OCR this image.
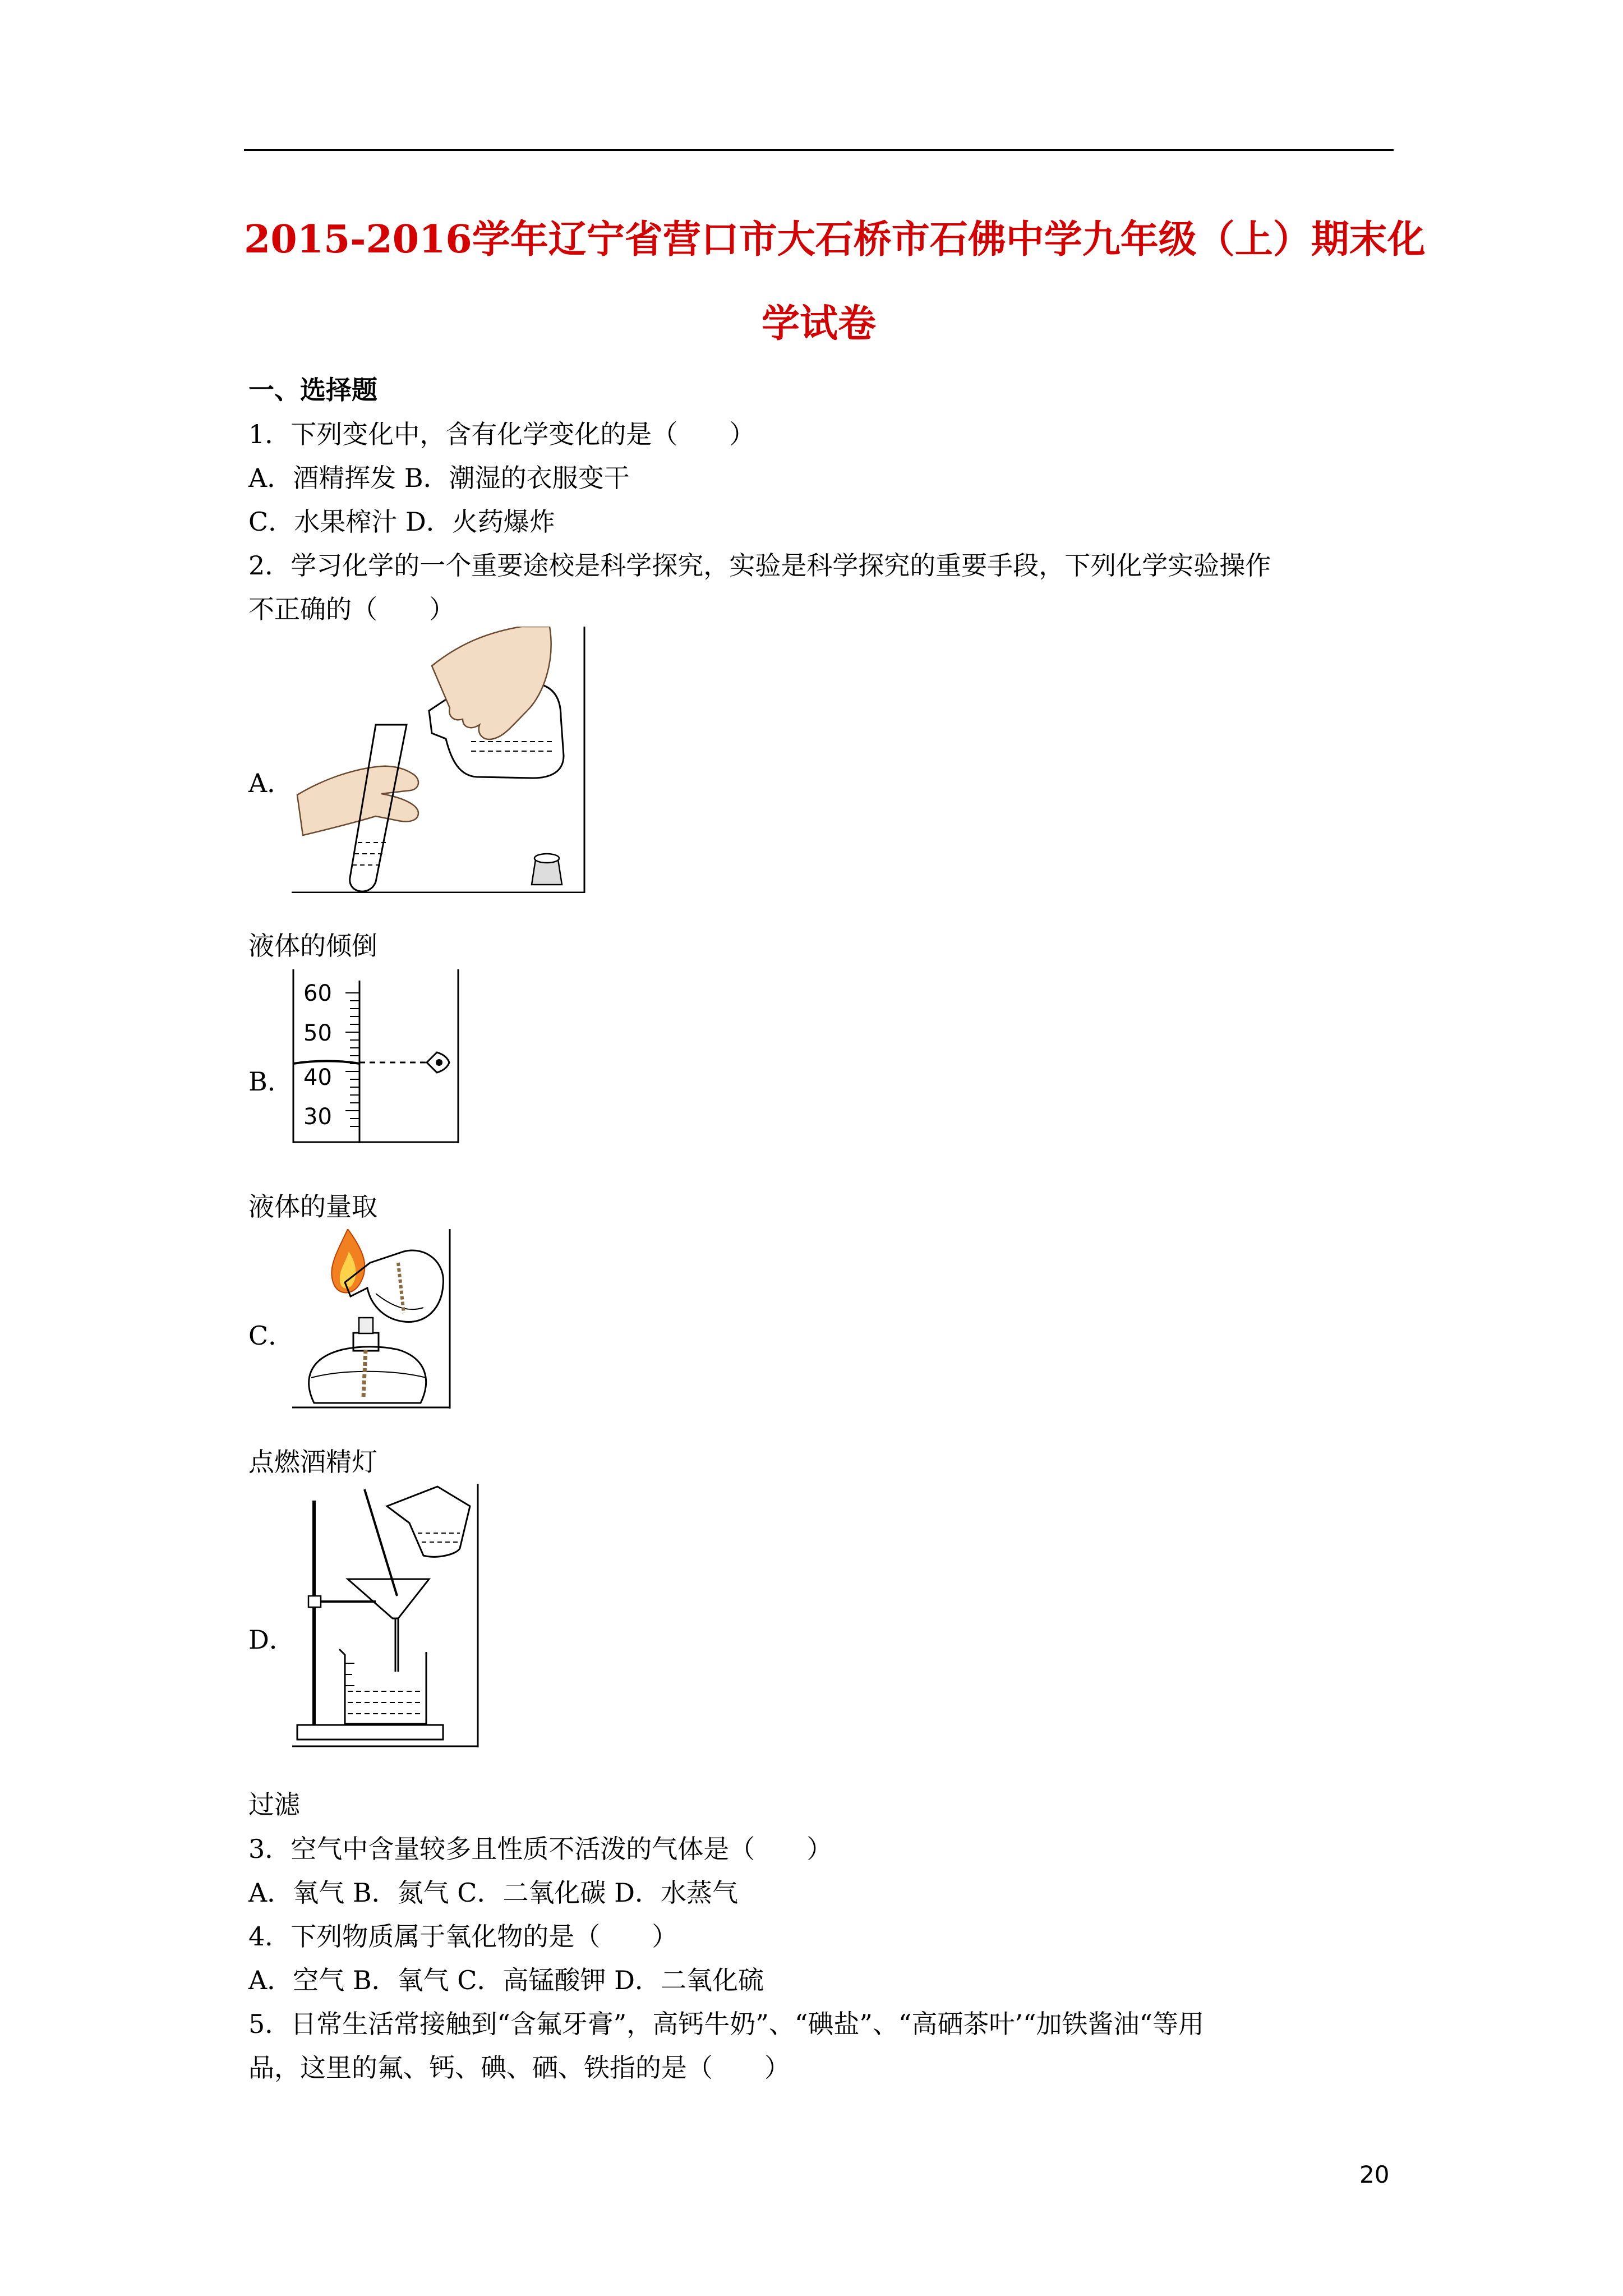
2015-2016学年辽宁省营口市大石桥市石佛中学九年级（上）期末化
学试卷
一、选择题
1．下列变化中，含有化学变化的是（　　）
A．酒精挥发 B．潮湿的衣服变干
C．水果榨汁 D．火药爆炸
2．学习化学的一个重要途校是科学探究，实验是科学探究的重要手段，下列化学实验操作
不正确的（　　）
A．
液体的倾倒
B．
60
50
40
30
液体的量取
C．
点燃酒精灯
D．
过滤
3．空气中含量较多且性质不活泼的气体是（　　）
A．氧气 B．氮气 C．二氧化碳 D．水蒸气
4．下列物质属于氧化物的是（　　）
A．空气 B．氧气 C．高锰酸钾 D．二氧化硫
5．日常生活常接触到“含氟牙膏”，高钙牛奶”、“碘盐”、“高硒茶叶’“加铁酱油“等用
品，这里的氟、钙、碘、硒、铁指的是（　　）
20
